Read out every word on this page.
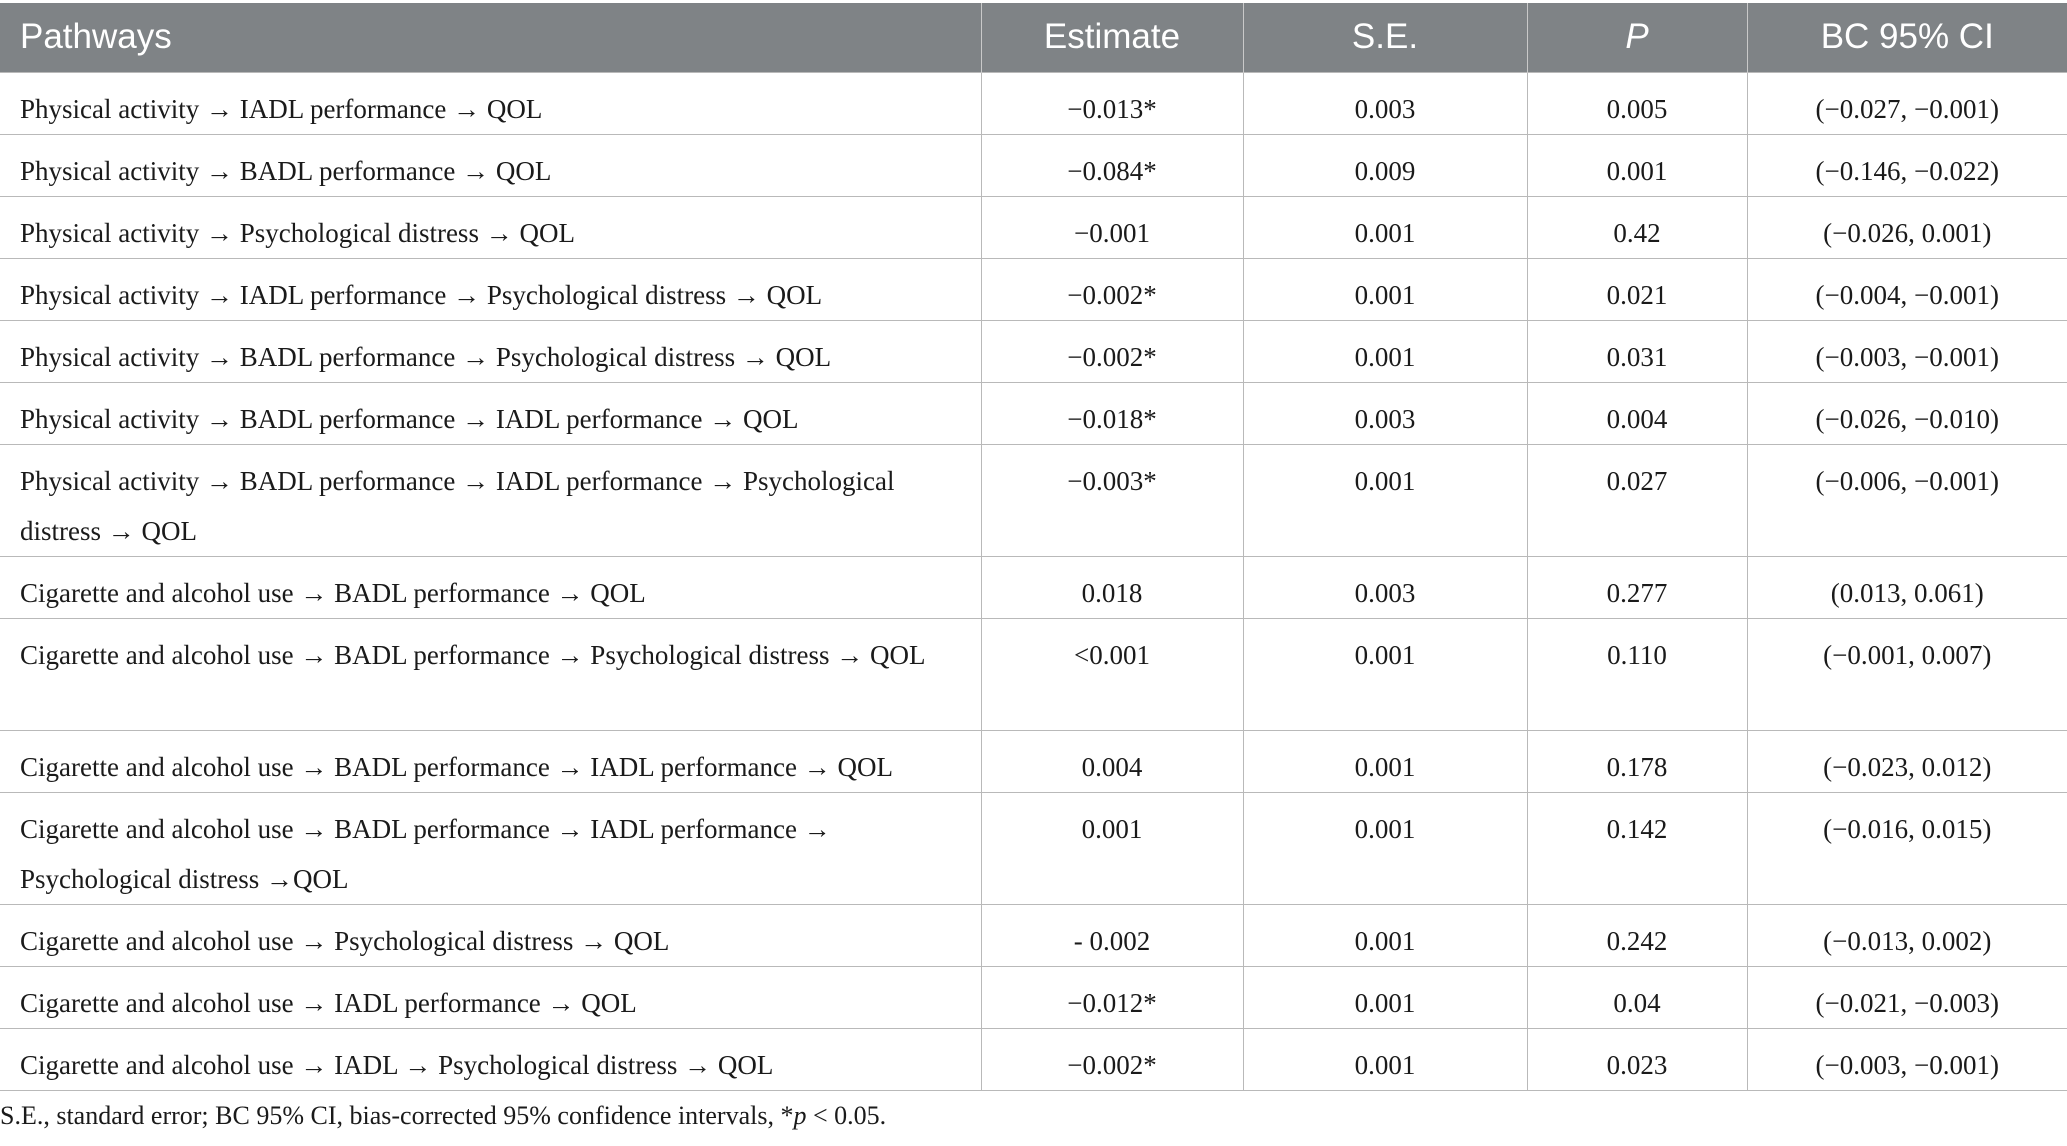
Pathways	Estimate	S.E.	P	BC 95% CI
Physical activity → IADL performance → QOL	−0.013*	0.003	0.005	(−0.027, −0.001)
Physical activity → BADL performance → QOL	−0.084*	0.009	0.001	(−0.146, −0.022)
Physical activity → Psychological distress → QOL	−0.001	0.001	0.42	(−0.026, 0.001)
Physical activity → IADL performance → Psychological distress → QOL	−0.002*	0.001	0.021	(−0.004, −0.001)
Physical activity → BADL performance → Psychological distress → QOL	−0.002*	0.001	0.031	(−0.003, −0.001)
Physical activity → BADL performance → IADL performance → QOL	−0.018*	0.003	0.004	(−0.026, −0.010)
Physical activity → BADL performance → IADL performance → Psychological distress → QOL	−0.003*	0.001	0.027	(−0.006, −0.001)
Cigarette and alcohol use → BADL performance → QOL	0.018	0.003	0.277	(0.013, 0.061)
Cigarette and alcohol use → BADL performance → Psychological distress → QOL	<0.001	0.001	0.110	(−0.001, 0.007)
Cigarette and alcohol use → BADL performance → IADL performance → QOL	0.004	0.001	0.178	(−0.023, 0.012)
Cigarette and alcohol use → BADL performance → IADL performance → Psychological distress →QOL	0.001	0.001	0.142	(−0.016, 0.015)
Cigarette and alcohol use → Psychological distress → QOL	- 0.002	0.001	0.242	(−0.013, 0.002)
Cigarette and alcohol use → IADL performance → QOL	−0.012*	0.001	0.04	(−0.021, −0.003)
Cigarette and alcohol use → IADL → Psychological distress → QOL	−0.002*	0.001	0.023	(−0.003, −0.001)
S.E., standard error; BC 95% CI, bias-corrected 95% confidence intervals, *p < 0.05.
